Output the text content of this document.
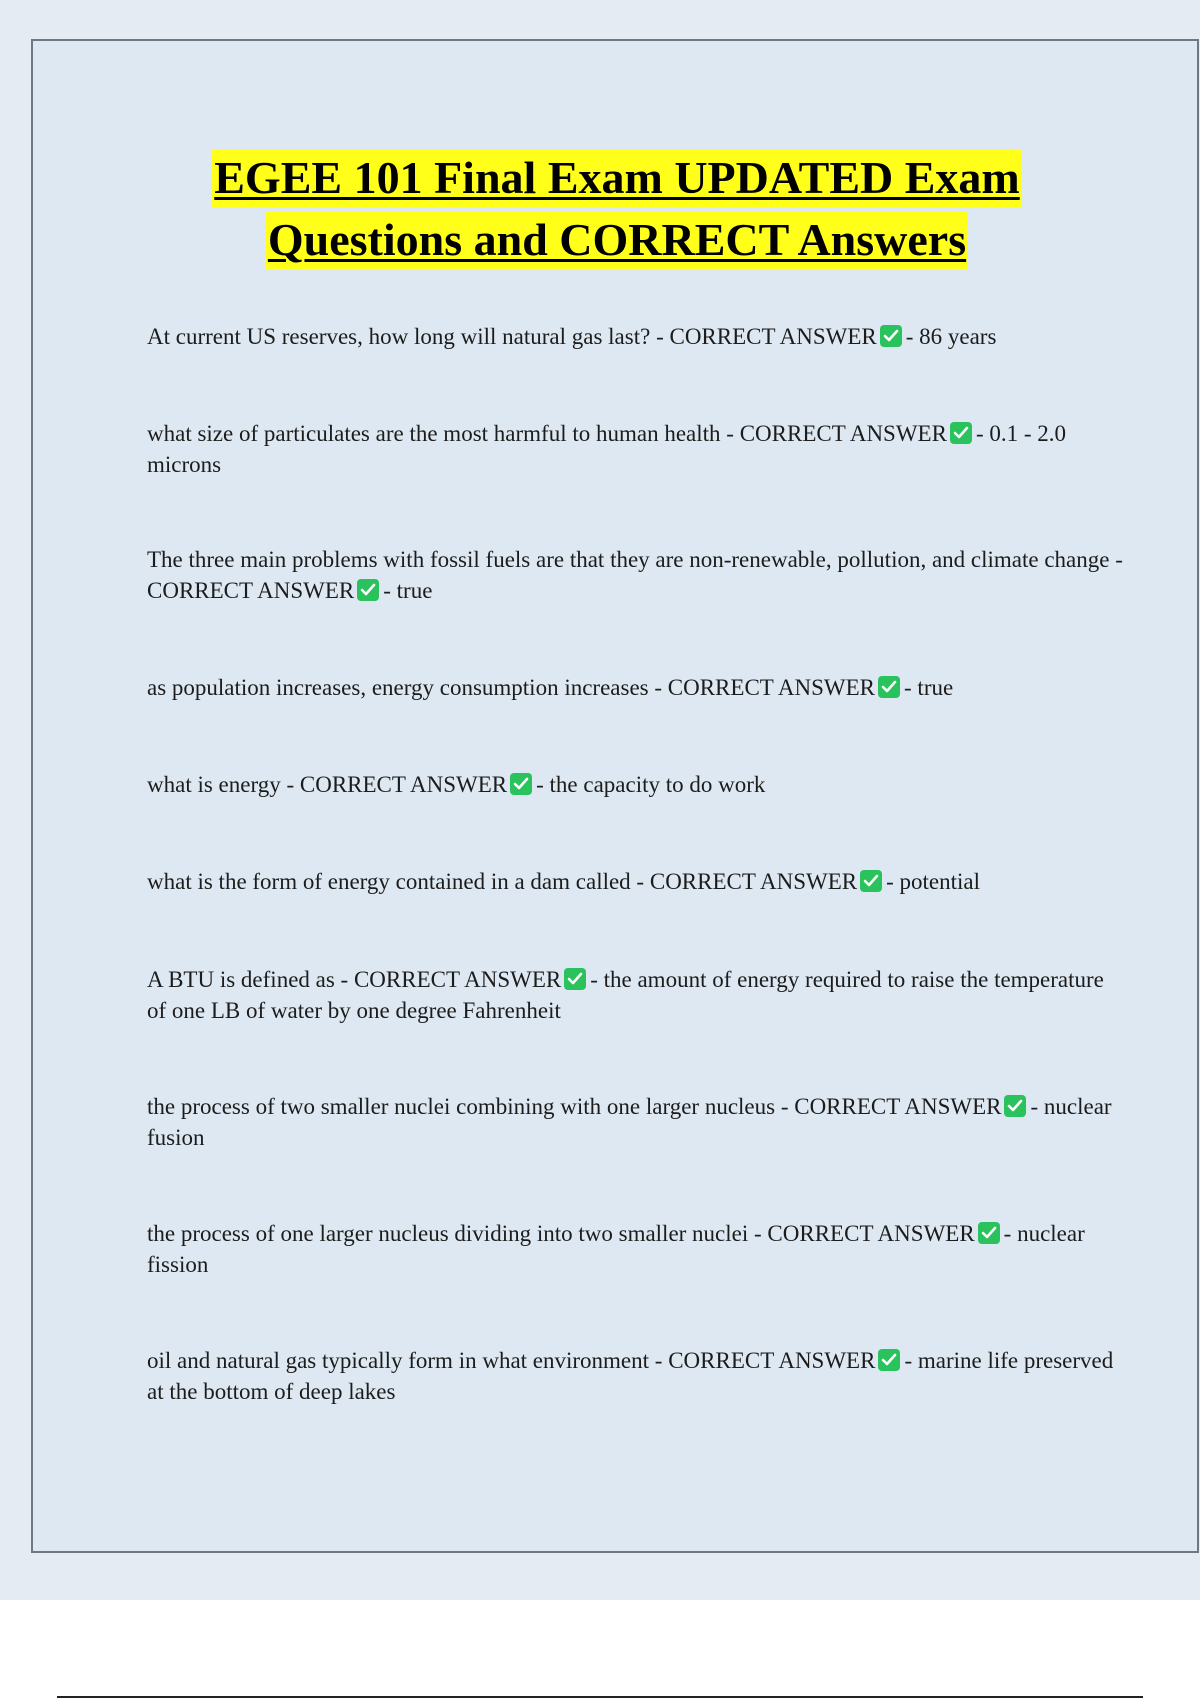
EGEE 101 Final Exam UPDATED Exam
Questions and CORRECT Answers
At current US reserves, how long will natural gas last? - CORRECT ANSWER - 86 years
what size of particulates are the most harmful to human health - CORRECT ANSWER - 0.1 - 2.0 microns
The three main problems with fossil fuels are that they are non-renewable, pollution, and climate change - CORRECT ANSWER - true
as population increases, energy consumption increases - CORRECT ANSWER - true
what is energy - CORRECT ANSWER - the capacity to do work
what is the form of energy contained in a dam called - CORRECT ANSWER - potential
A BTU is defined as - CORRECT ANSWER - the amount of energy required to raise the temperature of one LB of water by one degree Fahrenheit
the process of two smaller nuclei combining with one larger nucleus - CORRECT ANSWER - nuclear fusion
the process of one larger nucleus dividing into two smaller nuclei - CORRECT ANSWER - nuclear fission
oil and natural gas typically form in what environment - CORRECT ANSWER - marine life preserved at the bottom of deep lakes
